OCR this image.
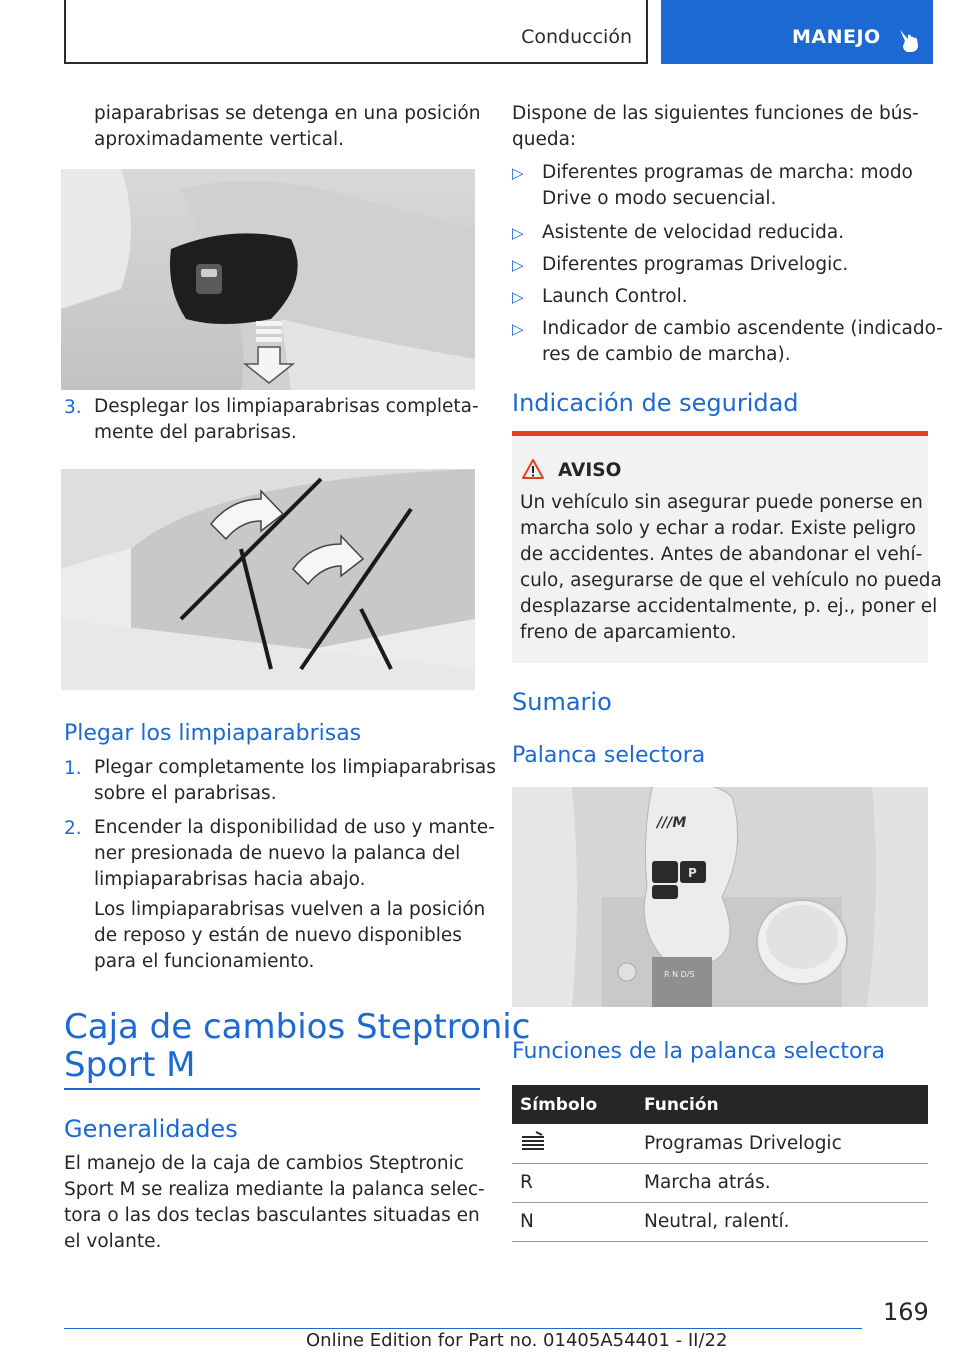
Conducción	MANEJO
piaparabrisas se detenga en una posición
aproximadamente vertical.
3. Desplegar los limpiaparabrisas completa-
mente del parabrisas.
Plegar los limpiaparabrisas
1. Plegar completamente los limpiaparabrisas
sobre el parabrisas.
2. Encender la disponibilidad de uso y mante-
ner presionada de nuevo la palanca del
limpiaparabrisas hacia abajo.
Los limpiaparabrisas vuelven a la posición
de reposo y están de nuevo disponibles
para el funcionamiento.
Caja de cambios Steptronic
Sport M
Generalidades
El manejo de la caja de cambios Steptronic
Sport M se realiza mediante la palanca selec-
tora o las dos teclas basculantes situadas en
el volante.
Dispone de las siguientes funciones de bús-
queda:
▷ Diferentes programas de marcha: modo
Drive o modo secuencial.
▷ Asistente de velocidad reducida.
▷ Diferentes programas Drivelogic.
▷ Launch Control.
▷ Indicador de cambio ascendente (indicado-
res de cambio de marcha).
Indicación de seguridad
AVISO
Un vehículo sin asegurar puede ponerse en
marcha solo y echar a rodar. Existe peligro
de accidentes. Antes de abandonar el vehí-
culo, asegurarse de que el vehículo no pueda
desplazarse accidentalmente, p. ej., poner el
freno de aparcamiento.
Sumario
Palanca selectora
///M
P
R N D/S
Funciones de la palanca selectora
Símbolo	Función
	Programas Drivelogic
R	Marcha atrás.
N	Neutral, ralentí.
169
Online Edition for Part no. 01405A54401 - II/22
